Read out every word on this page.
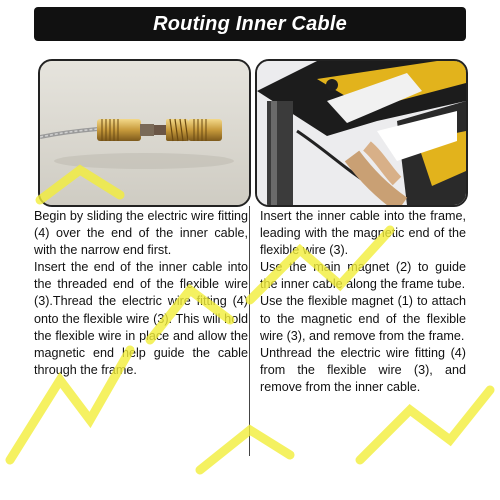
Routing Inner Cable

Begin by sliding the electric wire fitting (4) over the end of the inner cable, with the narrow end first.

Insert the end of the inner cable into the threaded end of the flexible wire (3).Thread the electric wire fitting (4) onto the flexible wire (3). This will hold the flexible wire in place and allow the magnetic end help guide the cable through the frame.

Insert the inner cable into the frame, leading with the magnetic end of the flexible wire (3).

Use the main magnet (2) to guide the inner cable along the frame tube.

Use the flexible magnet (1) to attach to the magnetic end of the flexible wire (3), and remove from the frame.

Unthread the electric wire fitting (4) from the flexible wire (3), and remove from the inner cable.
